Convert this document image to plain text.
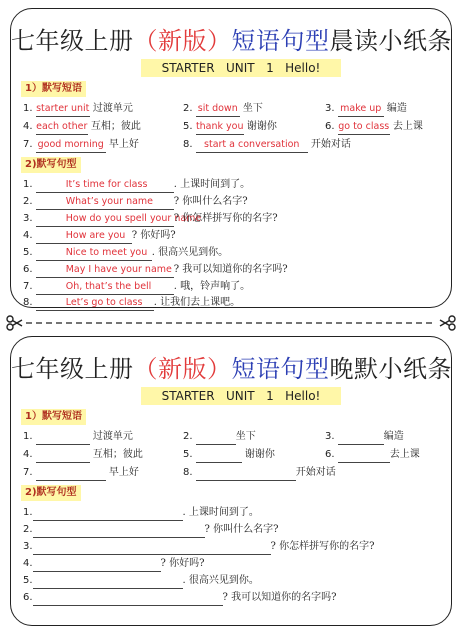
七年级上册（新版）短语句型晨读小纸条
STARTER   UNIT   1   Hello!
1）默写短语
1. starter unit 过渡单元	2. sit down 坐下	3. make up 编造
4. each other 互相；彼此	5. thank you 谢谢你	6. go to class 去上课
7. good morning 早上好	8. start a conversation 开始对话
2)默写句型
1.	It’s time for class	. 上课时间到了。
2.	What’s your name ? 你叫什么名字?
3.	How do you spell your name? 你怎样拼写你的名字?
4.	How are you ? 你好吗?
5.	Nice to meet you . 很高兴见到你。
6.	May I have your name ? 我可以知道你的名字吗?
7.	Oh, that’s the bell . 哦，铃声响了。
8.	Let’s go to class . 让我们去上课吧。
七年级上册（新版）短语句型晚默小纸条
STARTER   UNIT   1   Hello!
1）默写短语
1.	过渡单元	2.	坐下	3.	编造
4.	互相；彼此	5.	谢谢你	6.	去上课
7.	早上好	8.	开始对话
2)默写句型
1.	. 上课时间到了。
2.	? 你叫什么名字?
3.	? 你怎样拼写你的名字?
4.	? 你好吗?
5.	. 很高兴见到你。
6.	? 我可以知道你的名字吗?
